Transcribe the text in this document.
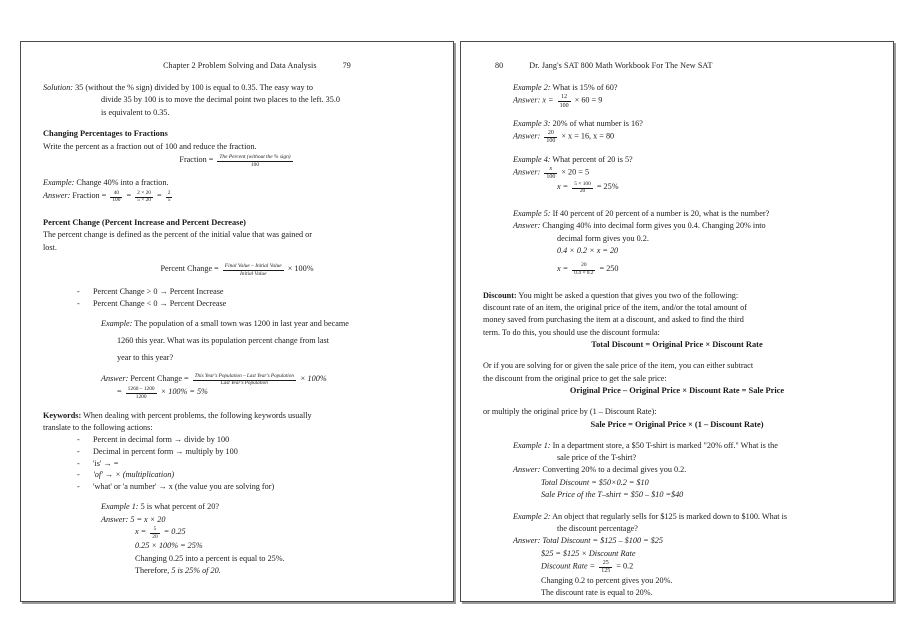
Chapter 2 Problem Solving and Data Analysis	79
Solution: 35 (without the % sign) divided by 100 is equal to 0.35. The easy way to
divide 35 by 100 is to move the decimal point two places to the left. 35.0
is equivalent to 0.35.
Changing Percentages to Fractions
Write the percent as a fraction out of 100 and reduce the fraction.
Fraction = $\frac{\text{The Percent (without the \% sign)}}{100}$
Example: Change 40% into a fraction.
Answer: Fraction = $\frac{40}{100} = \frac{2 \times 20}{5 \times 20} = \frac{2}{5}$
Percent Change (Percent Increase and Percent Decrease)
The percent change is defined as the percent of the initial value that was gained or
lost.
Percent Change = $\frac{\text{Final Value – Initial Value}}{\text{Initial Value}} \times 100\%$
- Percent Change > 0 → Percent Increase
- Percent Change < 0 → Percent Decrease
Example: The population of a small town was 1200 in last year and became
1260 this year. What was its population percent change from last
year to this year?
Answer: Percent Change = $\frac{\text{This Year's Population – Last Year's Population}}{\text{Last Year's Population}} \times 100\%$
= $\frac{1260 - 1200}{1200} \times 100\% = 5\%$
Keywords: When dealing with percent problems, the following keywords usually
translate to the following actions:
- Percent in decimal form → divide by 100
- Decimal in percent form → multiply by 100
- 'is' → =
- 'of' → × (multiplication)
- 'what' or 'a number' → x (the value you are solving for)
Example 1: 5 is what percent of 20?
Answer: 5 = x × 20
$x = \frac{5}{20} = 0.25$
0.25 × 100% = 25%
Changing 0.25 into a percent is equal to 25%.
Therefore, 5 is 25% of 20.
80	Dr. Jang's SAT 800 Math Workbook For The New SAT
Example 2: What is 15% of 60?
Answer: $x = \frac{12}{100} \times 60 = 9$
Example 3: 20% of what number is 16?
Answer: $\frac{20}{100} \times x = 16$, x = 80
Example 4: What percent of 20 is 5?
Answer: $\frac{x}{100} \times 20 = 5$
$x = \frac{5 \times 100}{20} = 25\%$
Example 5: If 40 percent of 20 percent of a number is 20, what is the number?
Answer: Changing 40% into decimal form gives you 0.4. Changing 20% into
decimal form gives you 0.2.
0.4 × 0.2 × x = 20
$x = \frac{20}{0.4 \times 0.2} = 250$
Discount: You might be asked a question that gives you two of the following:
discount rate of an item, the original price of the item, and/or the total amount of
money saved from purchasing the item at a discount, and asked to find the third
term. To do this, you should use the discount formula:
Total Discount = Original Price × Discount Rate
Or if you are solving for or given the sale price of the item, you can either subtract
the discount from the original price to get the sale price:
Original Price – Original Price × Discount Rate = Sale Price
or multiply the original price by (1 – Discount Rate):
Sale Price = Original Price × (1 – Discount Rate)
Example 1: In a department store, a $50 T-shirt is marked "20% off." What is the
sale price of the T-shirt?
Answer: Converting 20% to a decimal gives you 0.2.
Total Discount = $50×0.2 = $10
Sale Price of the T–shirt = $50 – $10 =$40
Example 2: An object that regularly sells for $125 is marked down to $100. What is
the discount percentage?
Answer: Total Discount = $125 – $100 = $25
$25 = $125 × Discount Rate
Discount Rate = $\frac{25}{125} = 0.2$
Changing 0.2 to percent gives you 20%.
The discount rate is equal to 20%.
